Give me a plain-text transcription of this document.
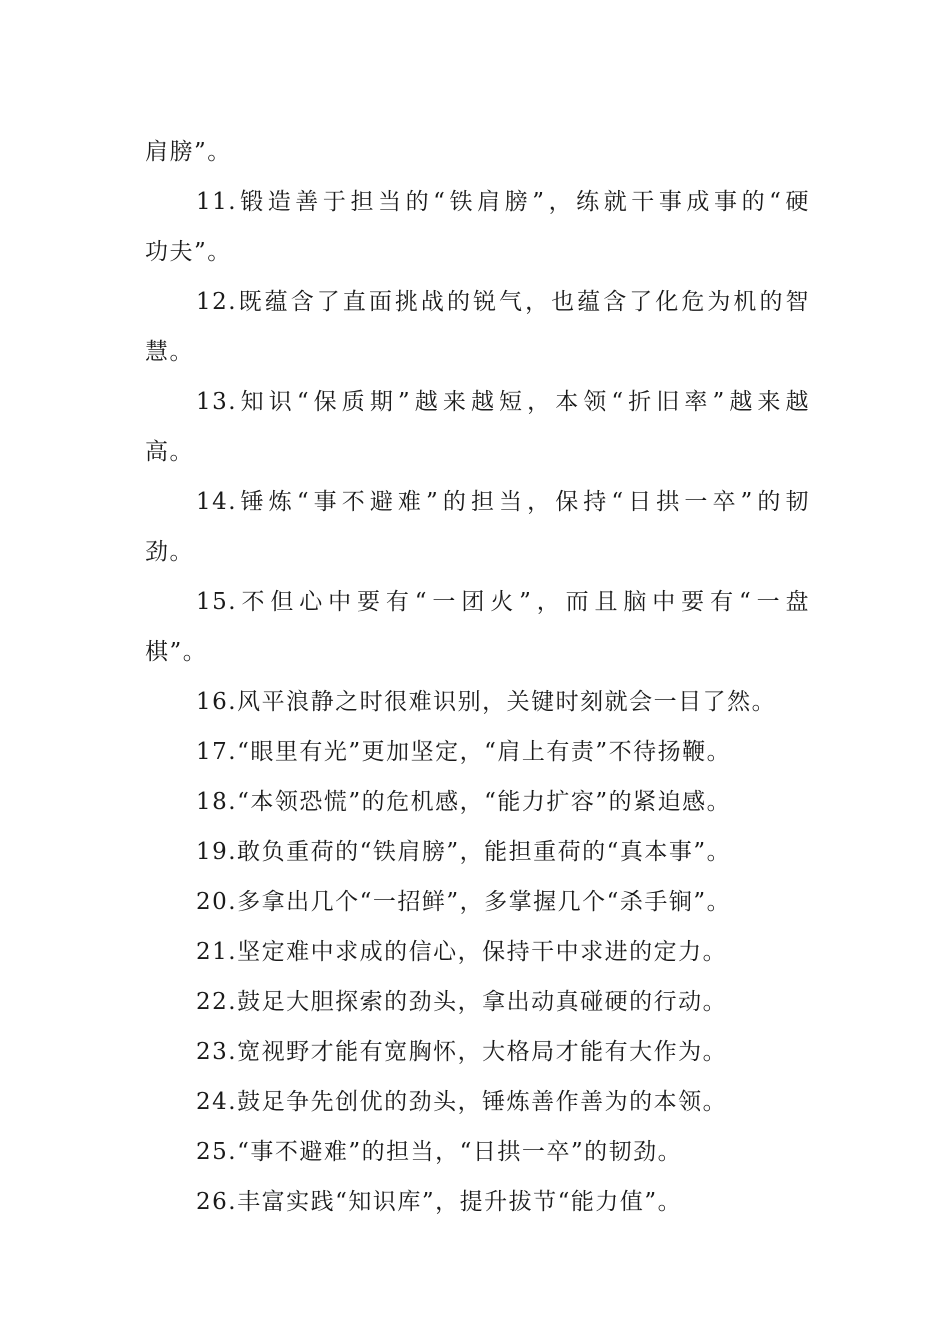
肩膀”。
11.锻造善于担当的“铁肩膀”，练就干事成事的“硬
功夫”。
12.既蕴含了直面挑战的锐气，也蕴含了化危为机的智
慧。
13.知识“保质期”越来越短，本领“折旧率”越来越
高。
14.锤炼“事不避难”的担当，保持“日拱一卒”的韧
劲。
15.不但心中要有“一团火”，而且脑中要有“一盘
棋”。
16.风平浪静之时很难识别，关键时刻就会一目了然。
17.“眼里有光”更加坚定，“肩上有责”不待扬鞭。
18.“本领恐慌”的危机感，“能力扩容”的紧迫感。
19.敢负重荷的“铁肩膀”，能担重荷的“真本事”。
20.多拿出几个“一招鲜”，多掌握几个“杀手锏”。
21.坚定难中求成的信心，保持干中求进的定力。
22.鼓足大胆探索的劲头，拿出动真碰硬的行动。
23.宽视野才能有宽胸怀，大格局才能有大作为。
24.鼓足争先创优的劲头，锤炼善作善为的本领。
25.“事不避难”的担当，“日拱一卒”的韧劲。
26.丰富实践“知识库”，提升拔节“能力值”。
